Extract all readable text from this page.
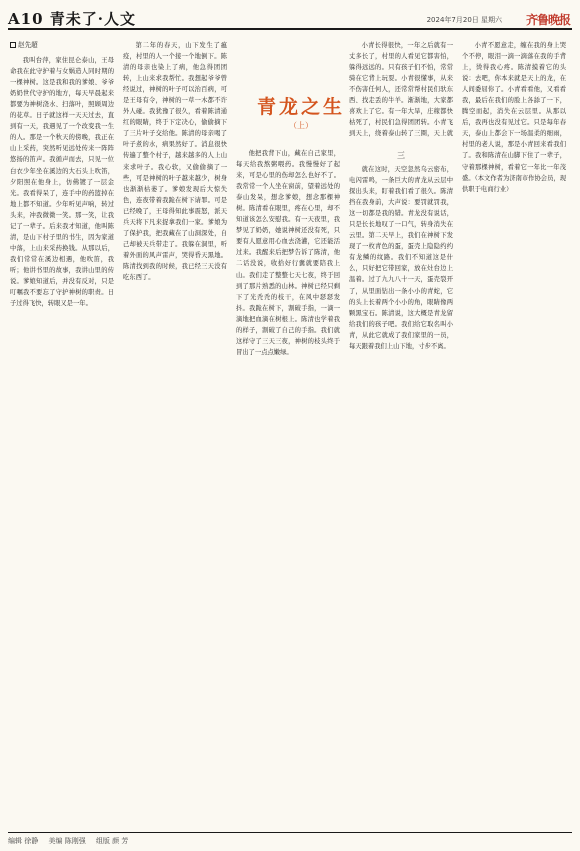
A10 青未了·人文	2024年7月20日 星期六 齐鲁晚报
赵先超

我叫台萍，家住昆仑泰山，王母命我在此守护着与女娲造人同时期的一棵神树。这是我和我的爹娘、爷爷奶奶世代守护的地方，每天早晨起来都要为神树浇水、扫落叶，照顾周边的花草。日子就这样一天天过去，直到有一天，我遇见了一个改变我一生的人。那是一个秋天的傍晚，我正在山上采药，突然听见远处传来一阵阵悠扬的笛声。我循声而去，只见一位白衣少年坐在溪边的大石头上吹笛，夕阳照在他身上，仿佛镀了一层金光。我看得呆了，连手中的药篮掉在地上都不知道。少年听见声响，转过头来，冲我微微一笑。那一笑，让我记了一辈子。后来我才知道，他叫陈清，是山下村子里的书生，因为家道中落，上山来采药换钱。从那以后，我们常常在溪边相遇，他吹笛，我听；他讲书里的故事，我讲山里的传说。爹娘知道后，并没有反对，只是叮嘱我不要忘了守护神树的职责。日子过得飞快，转眼又是一年。

第二年的春天，山下发生了瘟疫，村里的人一个接一个地倒下。陈清的母亲也染上了病，他急得团团转，上山来求我帮忙。我想起爷爷曾经说过，神树的叶子可以治百病，可是王母有令，神树的一草一木都不许外人碰。我犹豫了很久，看着陈清通红的眼睛，终于下定决心，偷偷摘下了三片叶子交给他。陈清的母亲喝了叶子煮的水，病果然好了。消息很快传遍了整个村子，越来越多的人上山来求叶子。我心软，又偷偷摘了一些，可是神树的叶子越来越少，树身也渐渐枯萎了。爹娘发现后大惊失色，连夜带着我跪在树下请罪。可是已经晚了，王母得知此事震怒，派天兵天将下凡来捉拿我们一家。爹娘为了保护我，把我藏在了山洞深处，自己却被天兵带走了。我躲在洞里，听着外面的风声雷声，哭得昏天黑地。陈清找到我的时候，我已经三天没有吃东西了。

他把我背下山，藏在自己家里，每天给我熬粥喂药。我慢慢好了起来，可是心里的伤却怎么也好不了。我常常一个人坐在窗前，望着远处的泰山发呆，想念爹娘，想念那棵神树。陈清看在眼里，疼在心里，却不知道该怎么安慰我。有一天夜里，我梦见了奶奶，她说神树还没有死，只要有人愿意用心血去浇灌，它还能活过来。我醒来后把梦告诉了陈清，他二话没说，收拾好行囊就要陪我上山。我们走了整整七天七夜，终于回到了那片熟悉的山林。神树已经只剩下了光秃秃的枝干，在风中瑟瑟发抖。我跪在树下，割破手指，一滴一滴地把血滴在树根上。陈清也学着我的样子，割破了自己的手指。我们就这样守了三天三夜，神树的枝头终于冒出了一点点嫩绿。

三

就在这时，天空忽然乌云密布，电闪雷鸣，一条巨大的青龙从云层中探出头来，盯着我们看了很久。陈清挡在我身前，大声说：要罚就罚我，这一切都是我的错。青龙没有说话，只是长长地叹了一口气，转身消失在云里。第二天早上，我们在神树下发现了一枚青色的蛋，蛋壳上隐隐约约有龙鳞的纹路。我们不知道这是什么，只好把它带回家，放在灶台边上温着。过了九九八十一天，蛋壳裂开了，从里面钻出一条小小的青蛇，它的头上长着两个小小的角，眼睛像两颗黑宝石。陈清说，这大概是青龙留给我们的孩子吧。我们给它取名叫小青，从此它就成了我们家里的一员，每天跟着我们上山下地，寸步不离。

小青长得很快，一年之后就有一丈多长了，村里的人看见它都害怕，躲得远远的。只有孩子们不怕，常常骑在它背上玩耍。小青很懂事，从来不伤害任何人，还常常帮村民们驮东西、找走丢的牛羊。渐渐地，大家都喜欢上了它。有一年大旱，庄稼都快枯死了，村民们急得团团转。小青飞到天上，绕着泰山转了三圈，天上就

小青不愿意走，缠在我的身上哭个不停，眼泪一滴一滴落在我的手背上，烫得我心疼。陈清摸着它的头说：去吧，你本来就是天上的龙，在人间委屈你了。小青看看他，又看看我，最后在我们的脸上各舔了一下，腾空而起，消失在云层里。从那以后，我再也没有见过它。只是每年春天，泰山上都会下一场温柔的细雨，村里的老人说，那是小青回来看我们了。我和陈清在山脚下住了一辈子，守着那棵神树，看着它一年比一年茂盛。（本文作者为济南市作协会员，现供职于电商行业）

青龙之生
（上）
编辑 徐静 美编 陈刚强 组版 颜 芳
